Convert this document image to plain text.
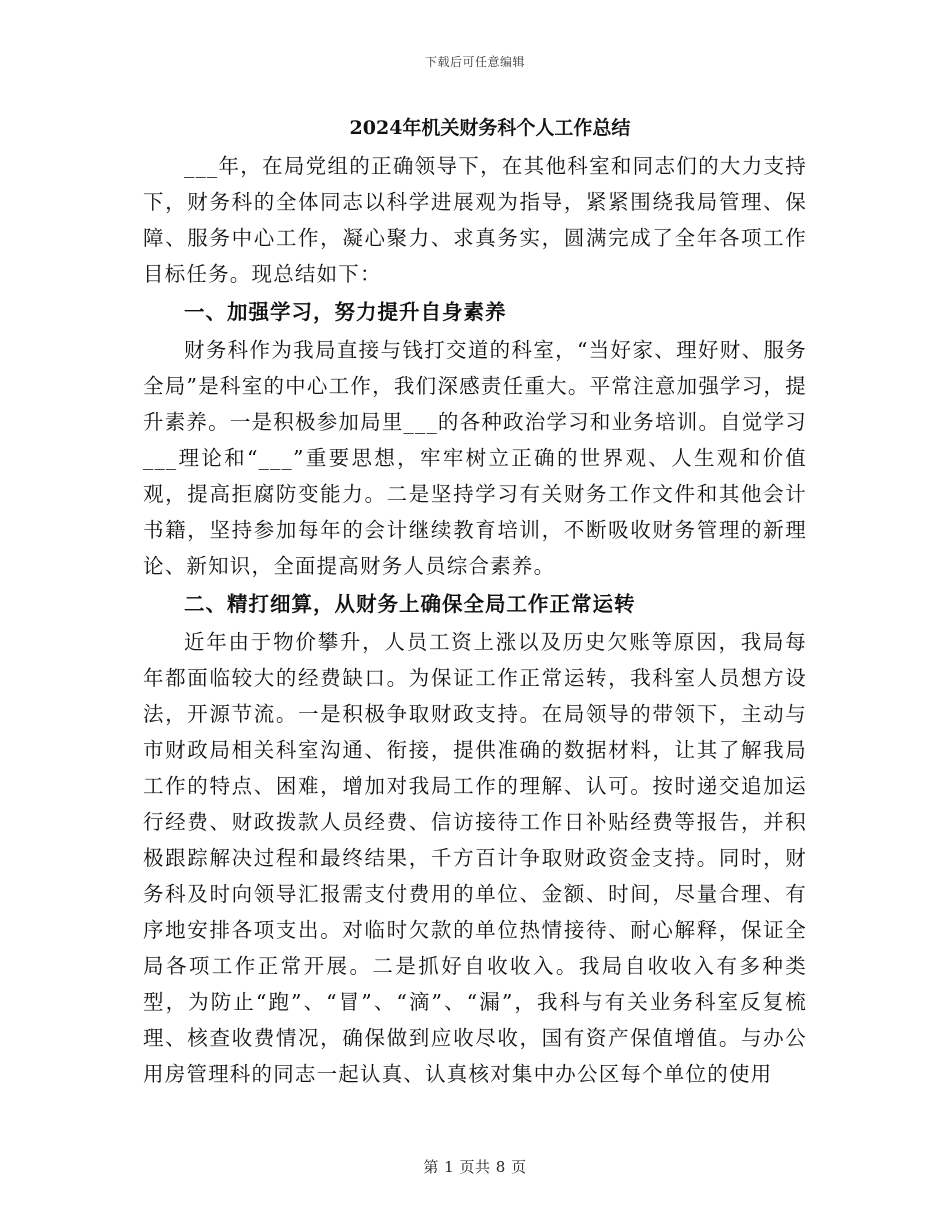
下载后可任意编辑
2024年机关财务科个人工作总结

___年，在局党组的正确领导下，在其他科室和同志们的大力支持下，财务科的全体同志以科学进展观为指导，紧紧围绕我局管理、保障、服务中心工作，凝心聚力、求真务实，圆满完成了全年各项工作目标任务。现总结如下：

一、加强学习，努力提升自身素养

财务科作为我局直接与钱打交道的科室，“当好家、理好财、服务全局”是科室的中心工作，我们深感责任重大。平常注意加强学习，提升素养。一是积极参加局里___的各种政治学习和业务培训。自觉学习___理论和“___”重要思想，牢牢树立正确的世界观、人生观和价值观，提高拒腐防变能力。二是坚持学习有关财务工作文件和其他会计书籍，坚持参加每年的会计继续教育培训，不断吸收财务管理的新理论、新知识，全面提高财务人员综合素养。

二、精打细算，从财务上确保全局工作正常运转

近年由于物价攀升，人员工资上涨以及历史欠账等原因，我局每年都面临较大的经费缺口。为保证工作正常运转，我科室人员想方设法，开源节流。一是积极争取财政支持。在局领导的带领下，主动与市财政局相关科室沟通、衔接，提供准确的数据材料，让其了解我局工作的特点、困难，增加对我局工作的理解、认可。按时递交追加运行经费、财政拨款人员经费、信访接待工作日补贴经费等报告，并积极跟踪解决过程和最终结果，千方百计争取财政资金支持。同时，财务科及时向领导汇报需支付费用的单位、金额、时间，尽量合理、有序地安排各项支出。对临时欠款的单位热情接待、耐心解释，保证全局各项工作正常开展。二是抓好自收收入。我局自收收入有多种类型，为防止“跑”、“冒”、“滴”、“漏”，我科与有关业务科室反复梳理、核查收费情况，确保做到应收尽收，国有资产保值增值。与办公用房管理科的同志一起认真、认真核对集中办公区每个单位的使用

第 1 页共 8 页
